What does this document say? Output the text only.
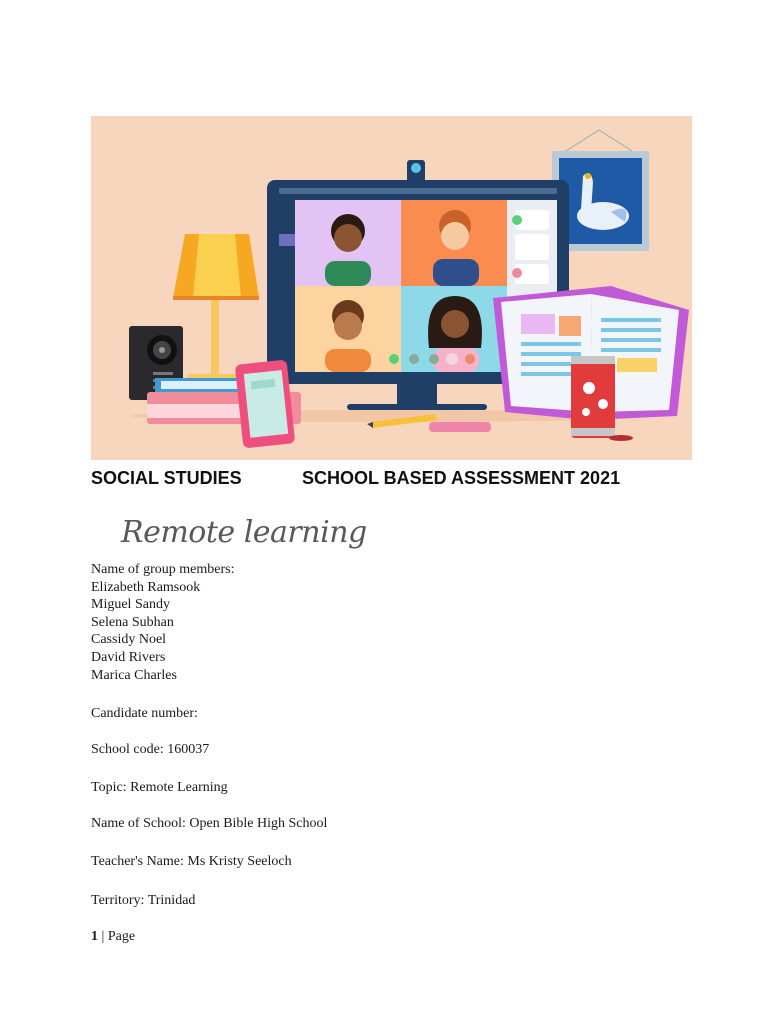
SOCIAL STUDIES	SCHOOL BASED ASSESSMENT 2021
Remote learning
Name of group members:
Elizabeth Ramsook
Miguel Sandy
Selena Subhan
Cassidy Noel
David Rivers
Marica Charles
Candidate number:
School code: 160037
Topic: Remote Learning
Name of School: Open Bible High School
Teacher's Name: Ms Kristy Seeloch
Territory: Trinidad
1 | Page
